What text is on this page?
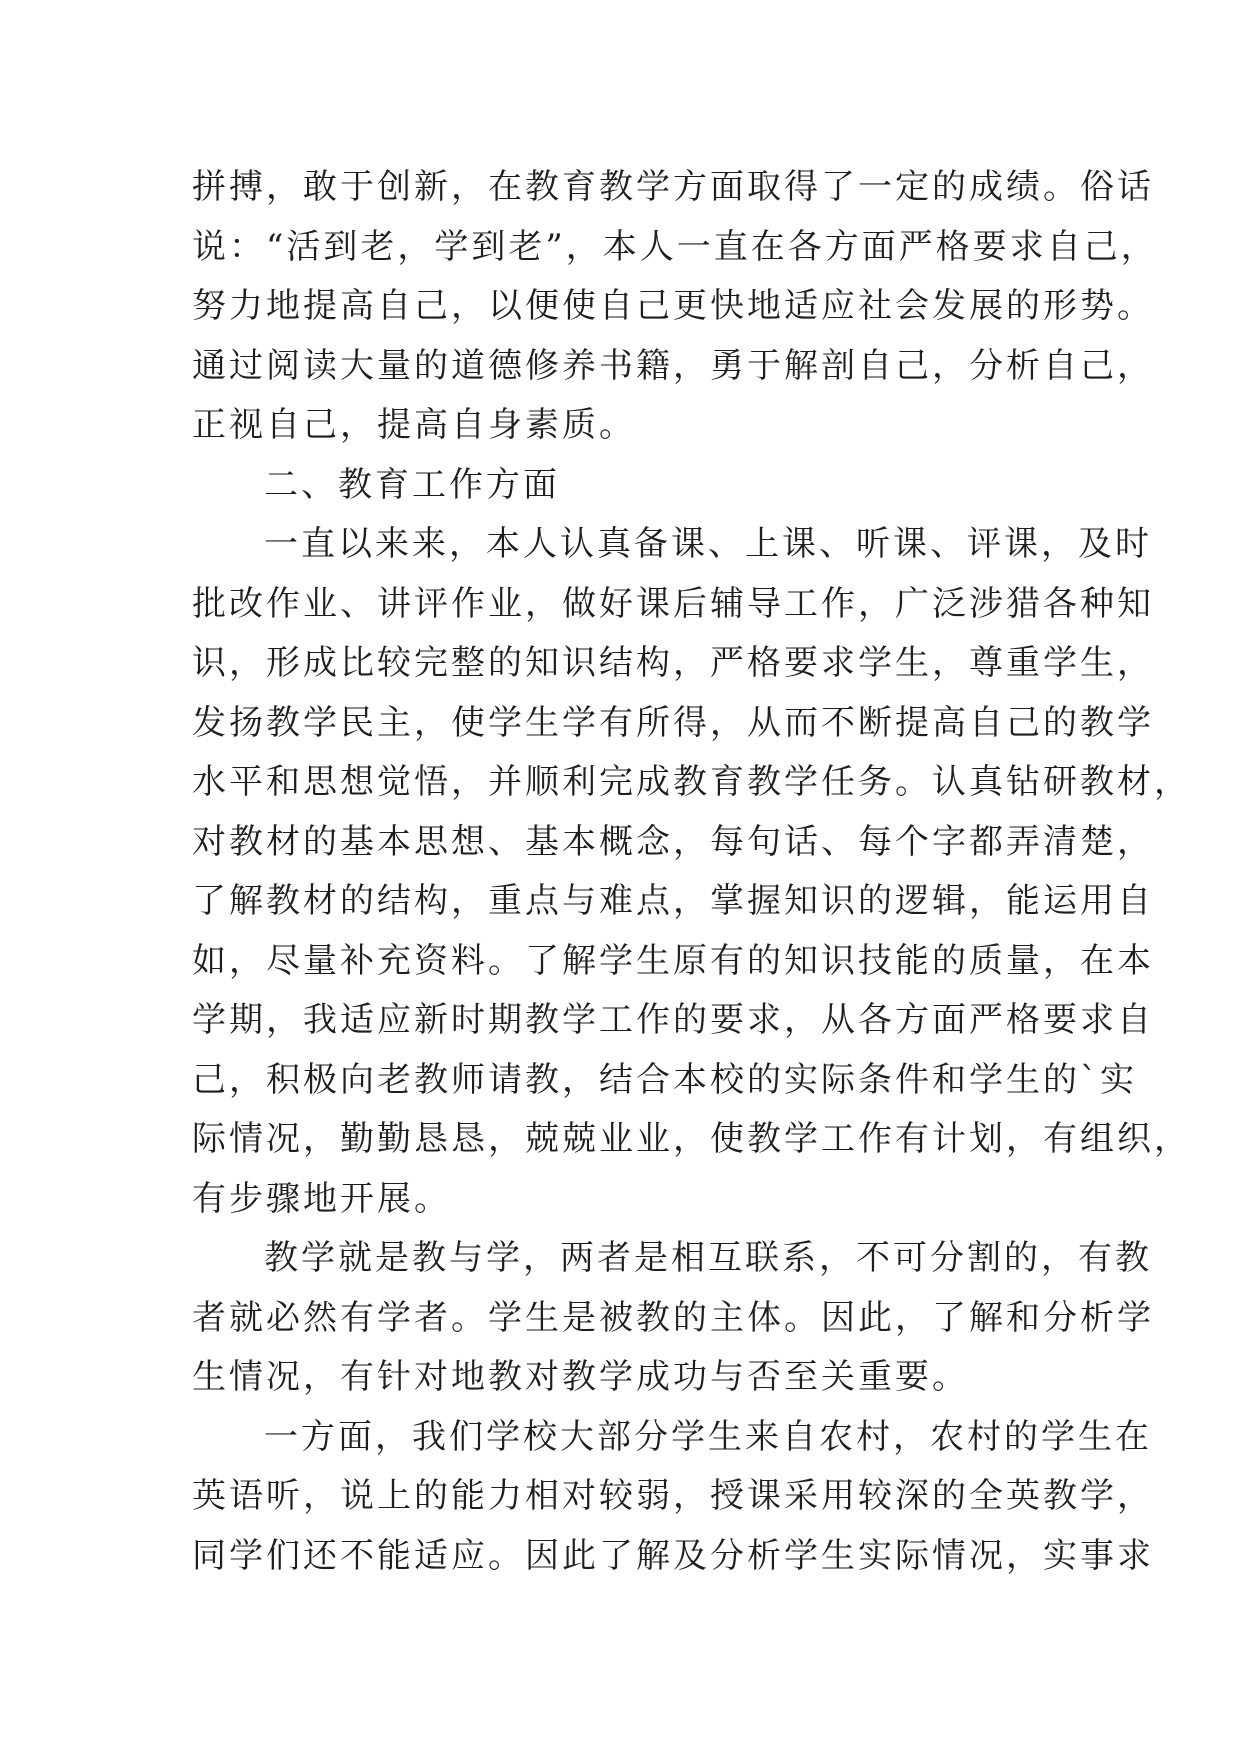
拼搏，敢于创新，在教育教学方面取得了一定的成绩。俗话
说：“活到老，学到老”，本人一直在各方面严格要求自己，
努力地提高自己，以便使自己更快地适应社会发展的形势。
通过阅读大量的道德修养书籍，勇于解剖自己，分析自己，
正视自己，提高自身素质。
二、教育工作方面
一直以来来，本人认真备课、上课、听课、评课，及时
批改作业、讲评作业，做好课后辅导工作，广泛涉猎各种知
识，形成比较完整的知识结构，严格要求学生，尊重学生，
发扬教学民主，使学生学有所得，从而不断提高自己的教学
水平和思想觉悟，并顺利完成教育教学任务。认真钻研教材，
对教材的基本思想、基本概念，每句话、每个字都弄清楚，
了解教材的结构，重点与难点，掌握知识的逻辑，能运用自
如，尽量补充资料。了解学生原有的知识技能的质量，在本
学期，我适应新时期教学工作的要求，从各方面严格要求自
己，积极向老教师请教，结合本校的实际条件和学生的`实
际情况，勤勤恳恳，兢兢业业，使教学工作有计划，有组织，
有步骤地开展。
教学就是教与学，两者是相互联系，不可分割的，有教
者就必然有学者。学生是被教的主体。因此，了解和分析学
生情况，有针对地教对教学成功与否至关重要。
一方面，我们学校大部分学生来自农村，农村的学生在
英语听，说上的能力相对较弱，授课采用较深的全英教学，
同学们还不能适应。因此了解及分析学生实际情况，实事求
